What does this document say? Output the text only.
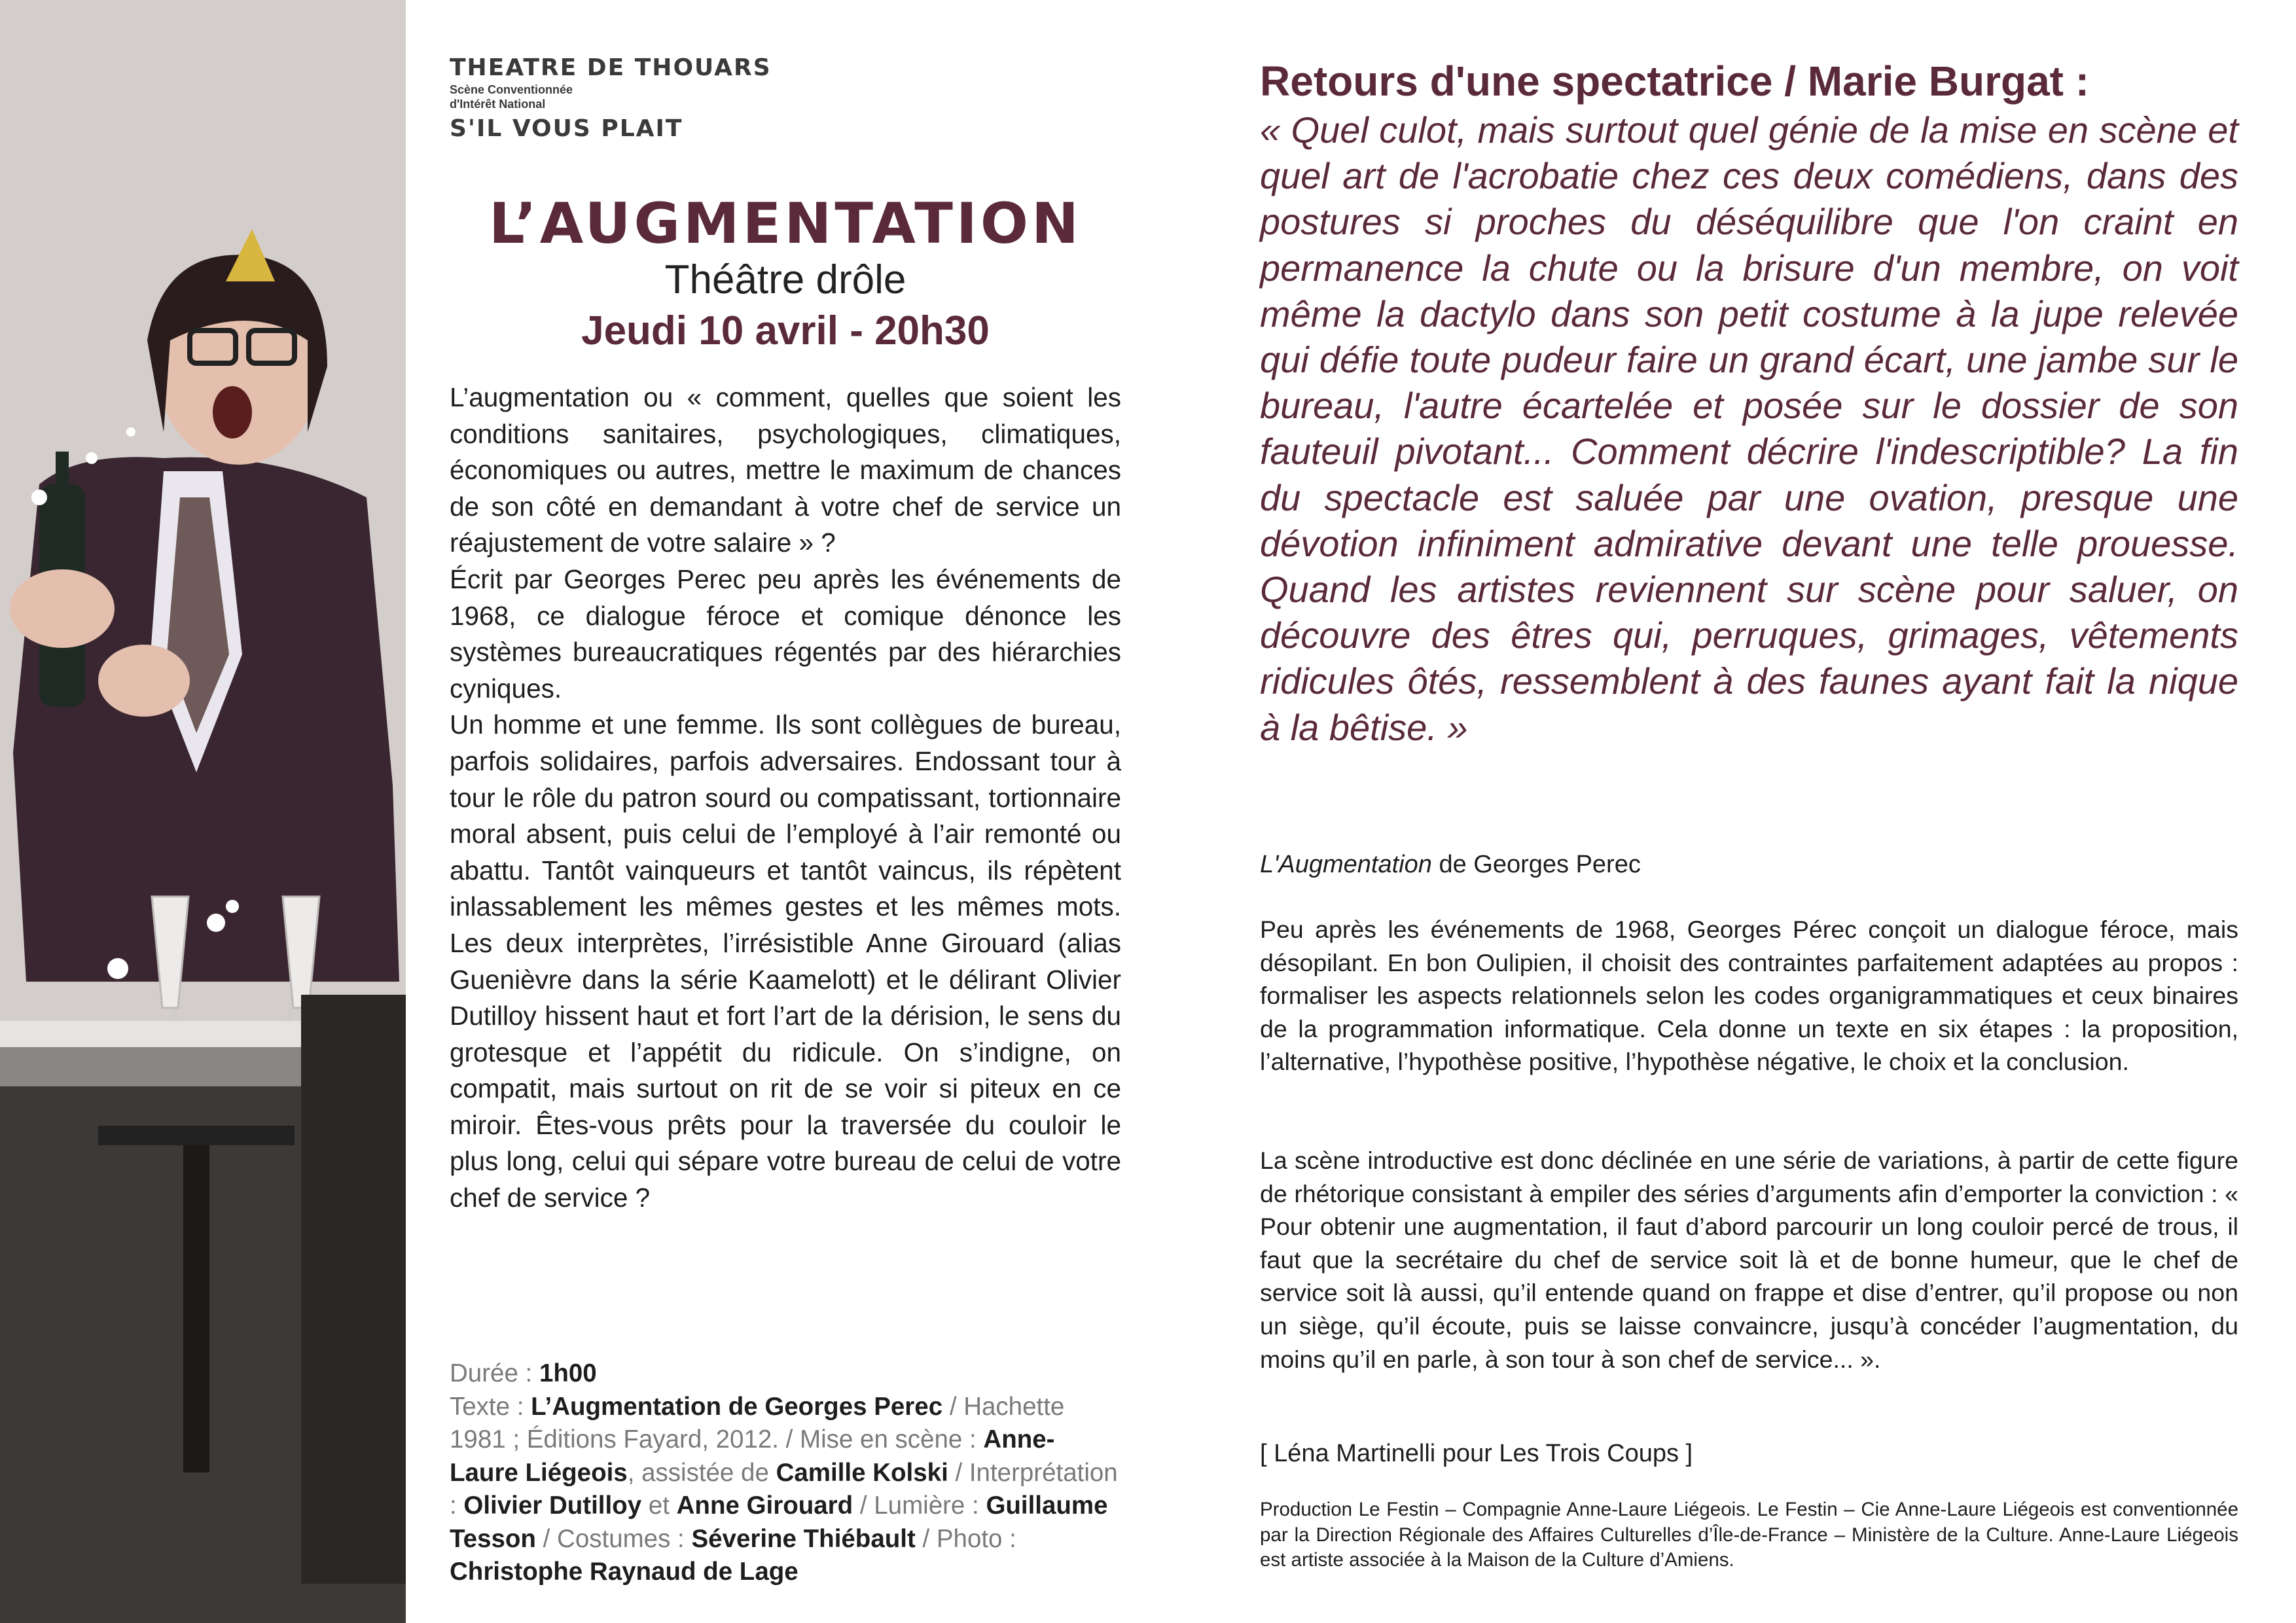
THEATRE DE THOUARS
Scène Conventionnée
d'Intérêt National
S'IL VOUS PLAIT
L’AUGMENTATION
Théâtre drôle
Jeudi 10 avril - 20h30
L’augmentation ou « comment, quelles que soient les conditions sanitaires, psychologiques, climatiques, économiques ou autres, mettre le maximum de chances de son côté en demandant à votre chef de service un réajustement de votre salaire » ?
Écrit par Georges Perec peu après les événements de 1968, ce dialogue féroce et comique dénonce les systèmes bureaucratiques régentés par des hiérarchies cyniques.
Un homme et une femme. Ils sont collègues de bureau, parfois solidaires, parfois adversaires. Endossant tour à tour le rôle du patron sourd ou compatissant, tortionnaire moral absent, puis celui de l’employé à l’air remonté ou abattu. Tantôt vainqueurs et tantôt vaincus, ils répètent inlassablement les mêmes gestes et les mêmes mots. Les deux interprètes, l’irrésistible Anne Girouard (alias Guenièvre dans la série Kaamelott) et le délirant Olivier Dutilloy hissent haut et fort l’art de la dérision, le sens du grotesque et l’appétit du ridicule. On s’indigne, on compatit, mais surtout on rit de se voir si piteux en ce miroir. Êtes-vous prêts pour la traversée du couloir le plus long, celui qui sépare votre bureau de celui de votre chef de service ?
Durée : 1h00
Texte : L’Augmentation de Georges Perec / Hachette 1981 ; Éditions Fayard, 2012. / Mise en scène : Anne-Laure Liégeois, assistée de Camille Kolski / Interprétation : Olivier Dutilloy et Anne Girouard / Lumière : Guillaume Tesson / Costumes : Séverine Thiébault / Photo : Christophe Raynaud de Lage
Retours d'une spectatrice / Marie Burgat :
« Quel culot, mais surtout quel génie de la mise en scène et quel art de l'acrobatie chez ces deux comédiens, dans des postures si proches du déséquilibre que l'on craint en permanence la chute ou la brisure d'un membre, on voit même la dactylo dans son petit costume à la jupe relevée qui défie toute pudeur faire un grand écart, une jambe sur le bureau, l'autre écartelée et posée sur le dossier de son fauteuil pivotant... Comment décrire l'indescriptible? La fin du spectacle est saluée par une ovation, presque une dévotion infiniment admirative devant une telle prouesse. Quand les artistes reviennent sur scène pour saluer, on découvre des êtres qui, perruques, grimages, vêtements ridicules ôtés, ressemblent à des faunes ayant fait la nique à la bêtise. »
L'Augmentation de Georges Perec
Peu après les événements de 1968, Georges Pérec conçoit un dialogue féroce, mais désopilant. En bon Oulipien, il choisit des contraintes parfaitement adaptées au propos : formaliser les aspects relationnels selon les codes organigrammatiques et ceux binaires de la programmation informatique. Cela donne un texte en six étapes : la proposition, l’alternative, l’hypothèse positive, l’hypothèse négative, le choix et la conclusion.
La scène introductive est donc déclinée en une série de variations, à partir de cette figure de rhétorique consistant à empiler des séries d’arguments afin d’emporter la conviction : « Pour obtenir une augmentation, il faut d’abord parcourir un long couloir percé de trous, il faut que la secrétaire du chef de service soit là et de bonne humeur, que le chef de service soit là aussi, qu’il entende quand on frappe et dise d’entrer, qu’il propose ou non un siège, qu’il écoute, puis se laisse convaincre, jusqu’à concéder l’augmentation, du moins qu’il en parle, à son tour à son chef de service... ».
[ Léna Martinelli pour Les Trois Coups ]
Production Le Festin – Compagnie Anne-Laure Liégeois. Le Festin – Cie Anne-Laure Liégeois est conventionnée par la Direction Régionale des Affaires Culturelles d’Île-de-France – Ministère de la Culture. Anne-Laure Liégeois est artiste associée à la Maison de la Culture d’Amiens.
